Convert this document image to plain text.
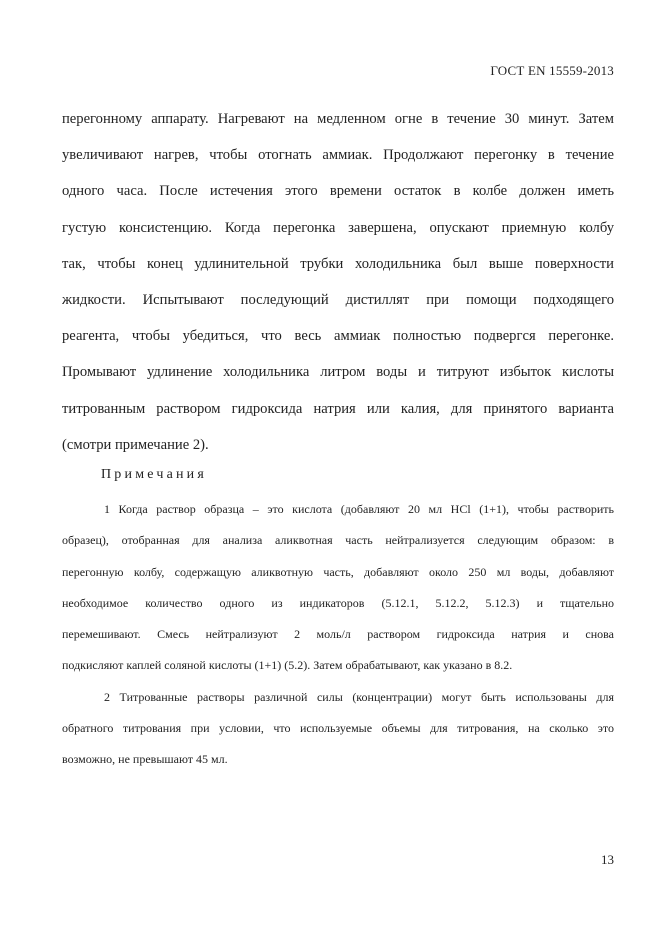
ГОСТ EN 15559-2013
перегонному аппарату. Нагревают на медленном огне в течение 30 минут. Затем
увеличивают нагрев, чтобы отогнать аммиак. Продолжают перегонку в течение
одного часа. После истечения этого времени остаток в колбе должен иметь
густую консистенцию. Когда перегонка завершена, опускают приемную колбу
так, чтобы конец удлинительной трубки холодильника был выше поверхности
жидкости. Испытывают последующий дистиллят при помощи подходящего
реагента, чтобы убедиться, что весь аммиак полностью подвергся перегонке.
Промывают удлинение холодильника литром воды и титруют избыток кислоты
титрованным раствором гидроксида натрия или калия, для принятого варианта
(смотри примечание 2).
Примечания
1 Когда раствор образца – это кислота (добавляют 20 мл HCl (1+1), чтобы растворить
образец), отобранная для анализа аликвотная часть нейтрализуется следующим образом: в
перегонную колбу, содержащую аликвотную часть, добавляют около 250 мл воды, добавляют
необходимое количество одного из индикаторов (5.12.1, 5.12.2, 5.12.3) и тщательно
перемешивают. Смесь нейтрализуют 2 моль/л раствором гидроксида натрия и снова
подкисляют каплей соляной кислоты (1+1) (5.2). Затем обрабатывают, как указано в 8.2.
2 Титрованные растворы различной силы (концентрации) могут быть использованы для
обратного титрования при условии, что используемые объемы для титрования, на сколько это
возможно, не превышают 45 мл.
13
